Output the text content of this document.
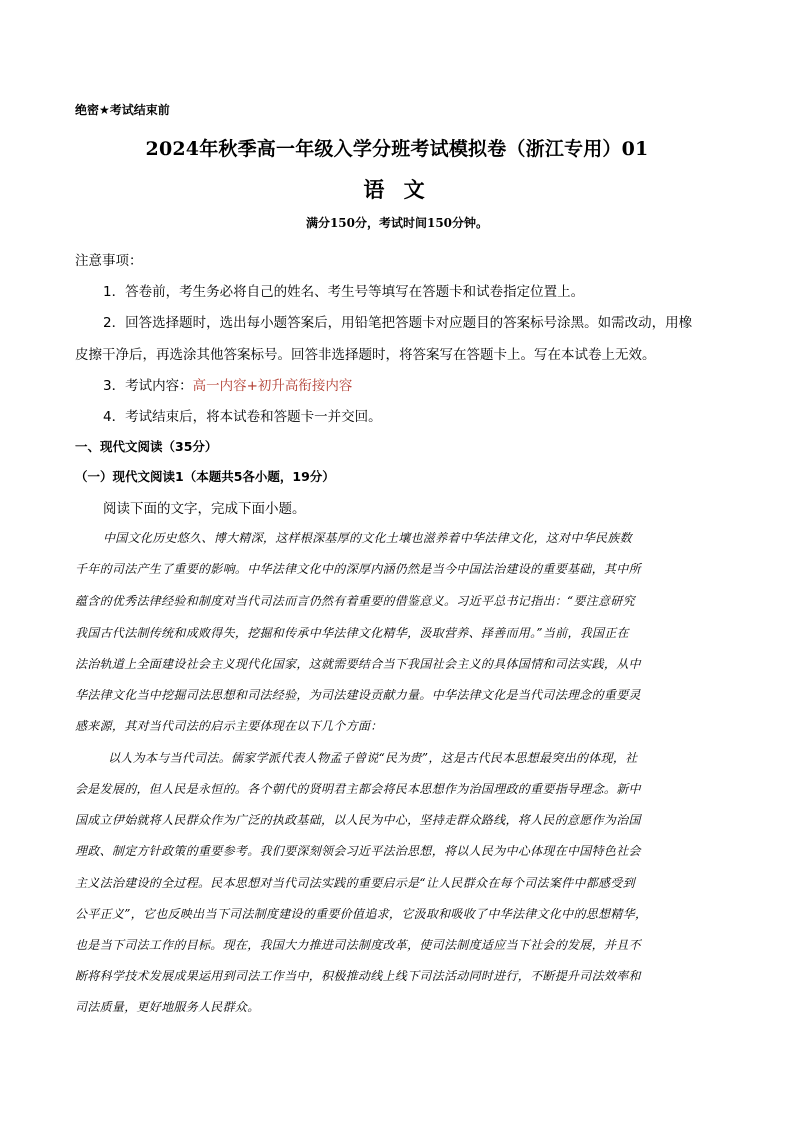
绝密★考试结束前
2024年秋季高一年级入学分班考试模拟卷（浙江专用）01
语 文
满分150分，考试时间150分钟。
注意事项：
1．答卷前，考生务必将自己的姓名、考生号等填写在答题卡和试卷指定位置上。
2．回答选择题时，选出每小题答案后，用铅笔把答题卡对应题目的答案标号涂黑。如需改动，用橡
皮擦干净后，再选涂其他答案标号。回答非选择题时，将答案写在答题卡上。写在本试卷上无效。
3．考试内容：高一内容+初升高衔接内容
4．考试结束后，将本试卷和答题卡一并交回。
一、现代文阅读（35分）
（一）现代文阅读1（本题共5各小题，19分）
阅读下面的文字，完成下面小题。
中国文化历史悠久、博大精深，这样根深基厚的文化土壤也滋养着中华法律文化，这对中华民族数
千年的司法产生了重要的影响。中华法律文化中的深厚内涵仍然是当今中国法治建设的重要基础，其中所
蕴含的优秀法律经验和制度对当代司法而言仍然有着重要的借鉴意义。习近平总书记指出：“要注意研究
我国古代法制传统和成败得失，挖掘和传承中华法律文化精华，汲取营养、择善而用。”当前，我国正在
法治轨道上全面建设社会主义现代化国家，这就需要结合当下我国社会主义的具体国情和司法实践，从中
华法律文化当中挖掘司法思想和司法经验，为司法建设贡献力量。中华法律文化是当代司法理念的重要灵
感来源，其对当代司法的启示主要体现在以下几个方面：
以人为本与当代司法。儒家学派代表人物孟子曾说“民为贵”，这是古代民本思想最突出的体现，社
会是发展的，但人民是永恒的。各个朝代的贤明君主都会将民本思想作为治国理政的重要指导理念。新中
国成立伊始就将人民群众作为广泛的执政基础，以人民为中心，坚持走群众路线，将人民的意愿作为治国
理政、制定方针政策的重要参考。我们要深刻领会习近平法治思想，将以人民为中心体现在中国特色社会
主义法治建设的全过程。民本思想对当代司法实践的重要启示是“让人民群众在每个司法案件中都感受到
公平正义”，它也反映出当下司法制度建设的重要价值追求，它汲取和吸收了中华法律文化中的思想精华，
也是当下司法工作的目标。现在，我国大力推进司法制度改革，使司法制度适应当下社会的发展，并且不
断将科学技术发展成果运用到司法工作当中，积极推动线上线下司法活动同时进行，不断提升司法效率和
司法质量，更好地服务人民群众。
